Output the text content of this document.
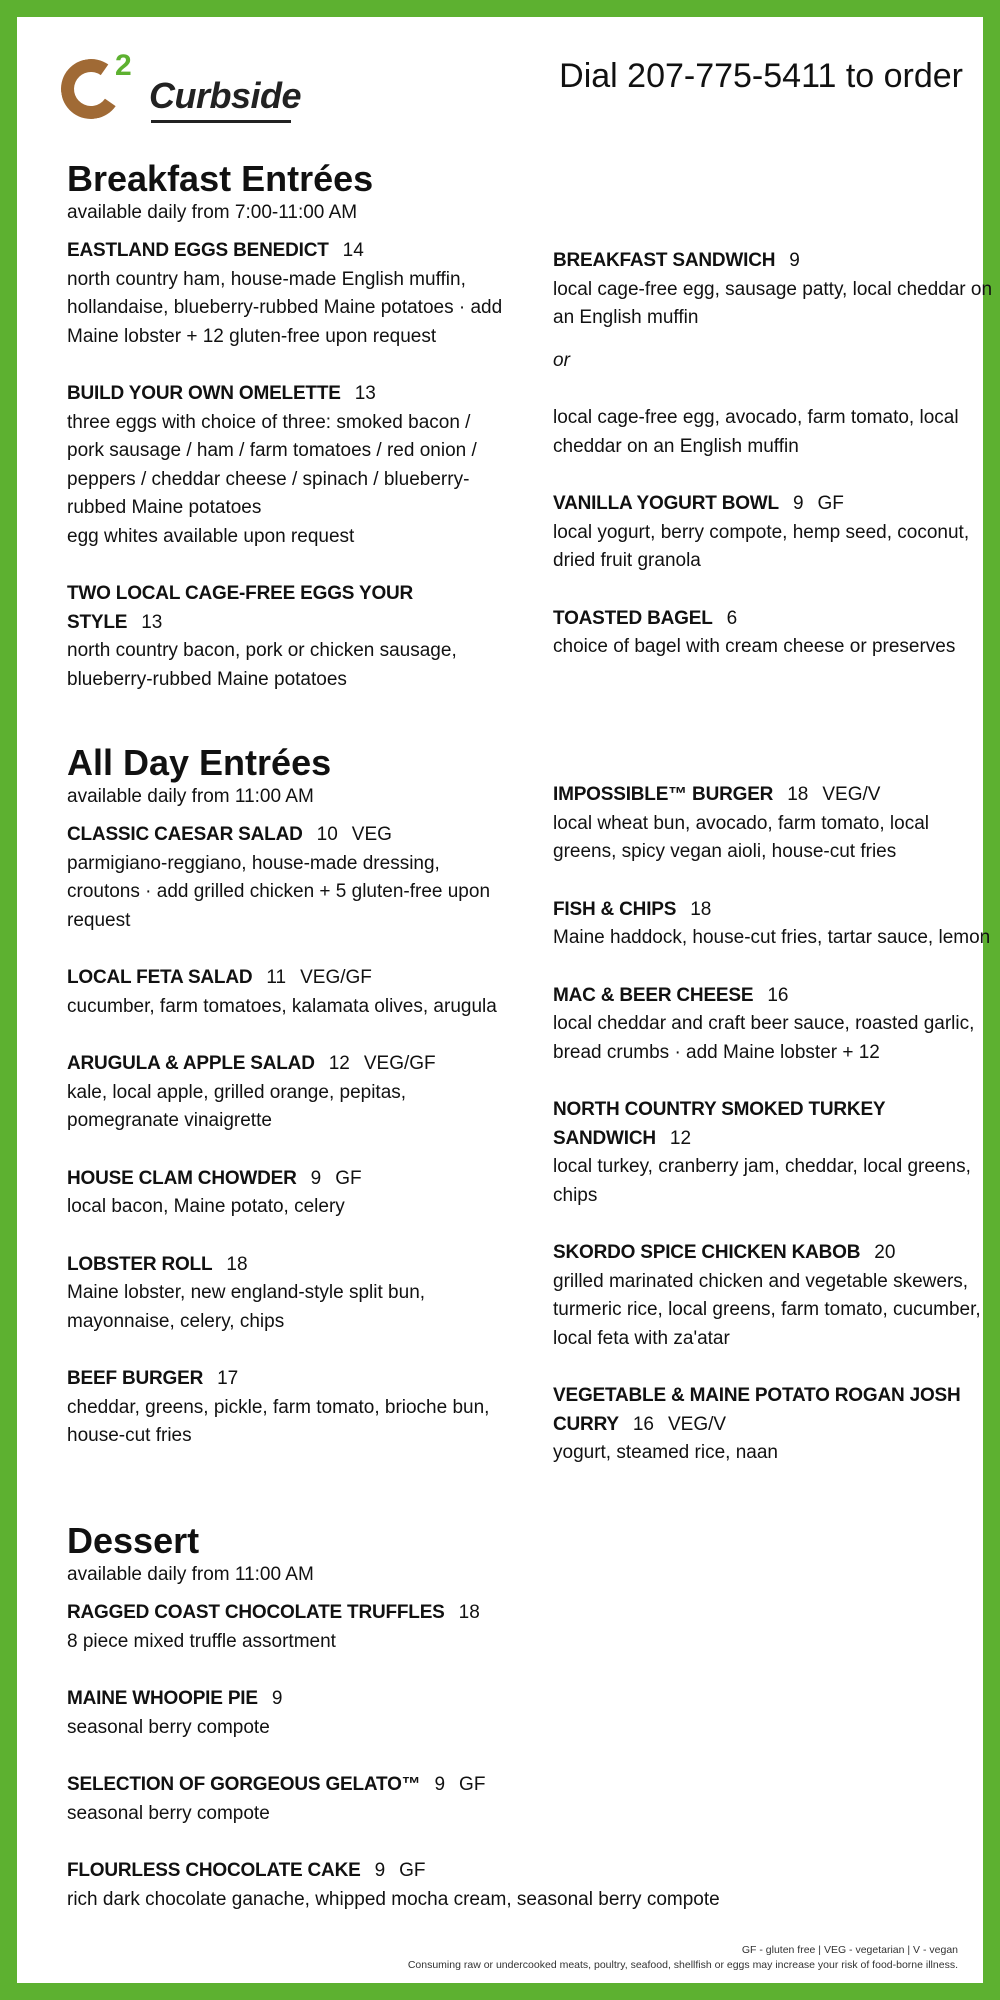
2
Curbside	Dial 207-775-5411 to order
Breakfast Entrées
available daily from 7:00-11:00 AM
EASTLAND EGGS BENEDICT 14
north country ham, house-made English muffin, hollandaise, blueberry-rubbed Maine potatoes · add Maine lobster + 12 gluten-free upon request
BUILD YOUR OWN OMELETTE 13
three eggs with choice of three: smoked bacon / pork sausage / ham / farm tomatoes / red onion / peppers / cheddar cheese / spinach / blueberry-rubbed Maine potatoes
egg whites available upon request
TWO LOCAL CAGE-FREE EGGS YOUR STYLE 13
north country bacon, pork or chicken sausage, blueberry-rubbed Maine potatoes
BREAKFAST SANDWICH 9
local cage-free egg, sausage patty, local cheddar on an English muffin
or
local cage-free egg, avocado, farm tomato, local cheddar on an English muffin
VANILLA YOGURT BOWL 9 GF
local yogurt, berry compote, hemp seed, coconut, dried fruit granola
TOASTED BAGEL 6
choice of bagel with cream cheese or preserves
All Day Entrées
available daily from 11:00 AM
CLASSIC CAESAR SALAD 10 VEG
parmigiano-reggiano, house-made dressing, croutons · add grilled chicken + 5 gluten-free upon request
LOCAL FETA SALAD 11 VEG/GF
cucumber, farm tomatoes, kalamata olives, arugula
ARUGULA & APPLE SALAD 12 VEG/GF
kale, local apple, grilled orange, pepitas, pomegranate vinaigrette
HOUSE CLAM CHOWDER 9 GF
local bacon, Maine potato, celery
LOBSTER ROLL 18
Maine lobster, new england-style split bun, mayonnaise, celery, chips
BEEF BURGER 17
cheddar, greens, pickle, farm tomato, brioche bun, house-cut fries
IMPOSSIBLE™ BURGER 18 VEG/V
local wheat bun, avocado, farm tomato, local greens, spicy vegan aioli, house-cut fries
FISH & CHIPS 18
Maine haddock, house-cut fries, tartar sauce, lemon
MAC & BEER CHEESE 16
local cheddar and craft beer sauce, roasted garlic, bread crumbs · add Maine lobster + 12
NORTH COUNTRY SMOKED TURKEY SANDWICH 12
local turkey, cranberry jam, cheddar, local greens, chips
SKORDO SPICE CHICKEN KABOB 20
grilled marinated chicken and vegetable skewers, turmeric rice, local greens, farm tomato, cucumber, local feta with za'atar
VEGETABLE & MAINE POTATO ROGAN JOSH CURRY 16 VEG/V
yogurt, steamed rice, naan
Dessert
available daily from 11:00 AM
RAGGED COAST CHOCOLATE TRUFFLES 18
8 piece mixed truffle assortment
MAINE WHOOPIE PIE 9
seasonal berry compote
SELECTION OF GORGEOUS GELATO™ 9 GF
seasonal berry compote
FLOURLESS CHOCOLATE CAKE 9 GF
rich dark chocolate ganache, whipped mocha cream, seasonal berry compote
GF - gluten free | VEG - vegetarian | V - vegan
Consuming raw or undercooked meats, poultry, seafood, shellfish or eggs may increase your risk of food-borne illness.
